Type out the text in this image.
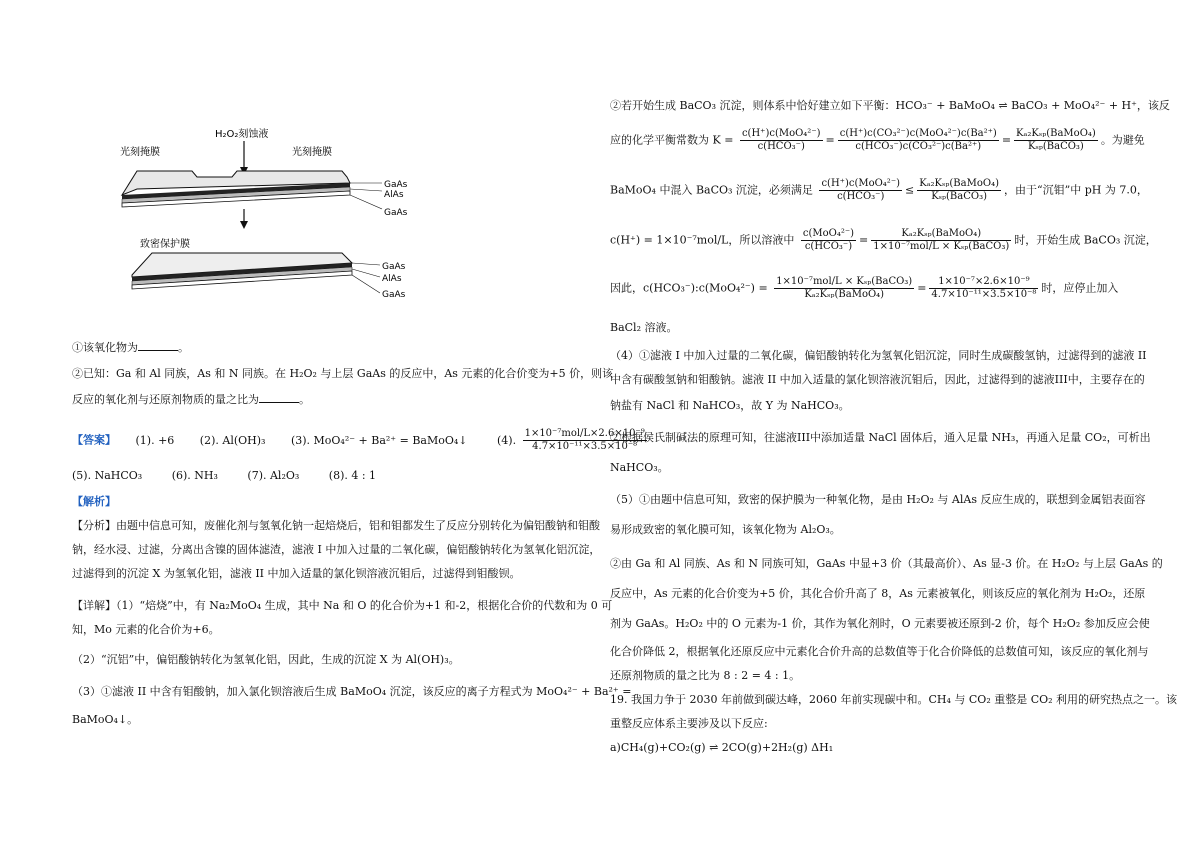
H₂O₂刻蚀液
光刻掩膜	光刻掩膜
GaAs
AlAs
GaAs
致密保护膜
GaAs
AlAs
GaAs
①该氧化物为	。
②已知：Ga 和 Al 同族，As 和 N 同族。在 H₂O₂ 与上层 GaAs 的反应中，As 元素的化合价变为+5 价，则该
反应的氧化剂与还原剂物质的量之比为	。
【答案】 (1). +6 (2). Al(OH)₃ (3). MoO₄²⁻ + Ba²⁺ = BaMoO₄↓	(4). $\frac{\text{1×10⁻⁷mol/L×2.6×10⁻⁹}}{\text{4.7×10⁻¹¹×3.5×10⁻⁸}}$
(5). NaHCO₃	(6). NH₃	(7). Al₂O₃	(8). 4 : 1
【解析】
【分析】由题中信息可知，废催化剂与氢氧化钠一起焙烧后，铝和钼都发生了反应分别转化为偏铝酸钠和钼酸
钠，经水浸、过滤，分离出含镍的固体滤渣，滤液 I 中加入过量的二氧化碳，偏铝酸钠转化为氢氧化铝沉淀，
过滤得到的沉淀 X 为氢氧化铝，滤液 II 中加入适量的氯化钡溶液沉钼后，过滤得到钼酸钡。
【详解】（1）“焙烧”中，有 Na₂MoO₄ 生成，其中 Na 和 O 的化合价为+1 和-2，根据化合价的代数和为 0 可
知，Mo 元素的化合价为+6。
（2）“沉铝”中，偏铝酸钠转化为氢氧化铝，因此，生成的沉淀 X 为 Al(OH)₃。
（3）①滤液 II 中含有钼酸钠，加入氯化钡溶液后生成 BaMoO₄ 沉淀，该反应的离子方程式为 MoO₄²⁻ + Ba²⁺ =
BaMoO₄↓。
②若开始生成 BaCO₃ 沉淀，则体系中恰好建立如下平衡：HCO₃⁻ + BaMoO₄ ⇌ BaCO₃ + MoO₄²⁻ + H⁺，该反
应的化学平衡常数为 $K = \frac{\text{c(H⁺)c(MoO₄²⁻)}}{\text{c(HCO₃⁻)}} = \frac{\text{c(H⁺)c(CO₃²⁻)c(MoO₄²⁻)c(Ba²⁺)}}{\text{c(HCO₃⁻)c(CO₃²⁻)c(Ba²⁺)}} = \frac{\text{Kₐ₂Kₛₚ(BaMoO₄)}}{\text{Kₛₚ(BaCO₃)}}$ 。为避免
BaMoO₄ 中混入 BaCO₃ 沉淀，必须满足 $\frac{\text{c(H⁺)c(MoO₄²⁻)}}{\text{c(HCO₃⁻)}} \le \frac{\text{Kₐ₂Kₛₚ(BaMoO₄)}}{\text{Kₛₚ(BaCO₃)}}$ ，由于“沉钼”中 pH 为 7.0，
c(H⁺) = 1×10⁻⁷mol/L，所以溶液中 $\frac{\text{c(MoO₄²⁻)}}{\text{c(HCO₃⁻)}} = \frac{\text{Kₐ₂Kₛₚ(BaMoO₄)}}{\text{1×10⁻⁷mol/L × Kₛₚ(BaCO₃)}}$ 时，开始生成 BaCO₃ 沉淀，
因此，c(HCO₃⁻):c(MoO₄²⁻) = $\frac{\text{1×10⁻⁷mol/L × Kₛₚ(BaCO₃)}}{\text{Kₐ₂Kₛₚ(BaMoO₄)}} = \frac{\text{1×10⁻⁷×2.6×10⁻⁹}}{\text{4.7×10⁻¹¹×3.5×10⁻⁸}}$ 时，应停止加入
BaCl₂ 溶液。
（4）①滤液 I 中加入过量的二氧化碳，偏铝酸钠转化为氢氧化铝沉淀，同时生成碳酸氢钠，过滤得到的滤液 II
中含有碳酸氢钠和钼酸钠。滤液 II 中加入适量的氯化钡溶液沉钼后，因此，过滤得到的滤液III中，主要存在的
钠盐有 NaCl 和 NaHCO₃，故 Y 为 NaHCO₃。
②根据侯氏制碱法的原理可知，往滤液III中添加适量 NaCl 固体后，通入足量 NH₃，再通入足量 CO₂，可析出
NaHCO₃。
（5）①由题中信息可知，致密的保护膜为一种氧化物，是由 H₂O₂ 与 AlAs 反应生成的，联想到金属铝表面容
易形成致密的氧化膜可知，该氧化物为 Al₂O₃。
②由 Ga 和 Al 同族、As 和 N 同族可知，GaAs 中显+3 价（其最高价）、As 显-3 价。在 H₂O₂ 与上层 GaAs 的
反应中，As 元素的化合价变为+5 价，其化合价升高了 8，As 元素被氧化，则该反应的氧化剂为 H₂O₂，还原
剂为 GaAs。H₂O₂ 中的 O 元素为-1 价，其作为氧化剂时，O 元素要被还原到-2 价，每个 H₂O₂ 参加反应会使
化合价降低 2，根据氧化还原反应中元素化合价升高的总数值等于化合价降低的总数值可知，该反应的氧化剂与
还原剂物质的量之比为 8 : 2 = 4 : 1。
19. 我国力争于 2030 年前做到碳达峰，2060 年前实现碳中和。CH₄ 与 CO₂ 重整是 CO₂ 利用的研究热点之一。该
重整反应体系主要涉及以下反应:
a)CH₄(g)+CO₂(g) ⇌ 2CO(g)+2H₂(g) ΔH₁
